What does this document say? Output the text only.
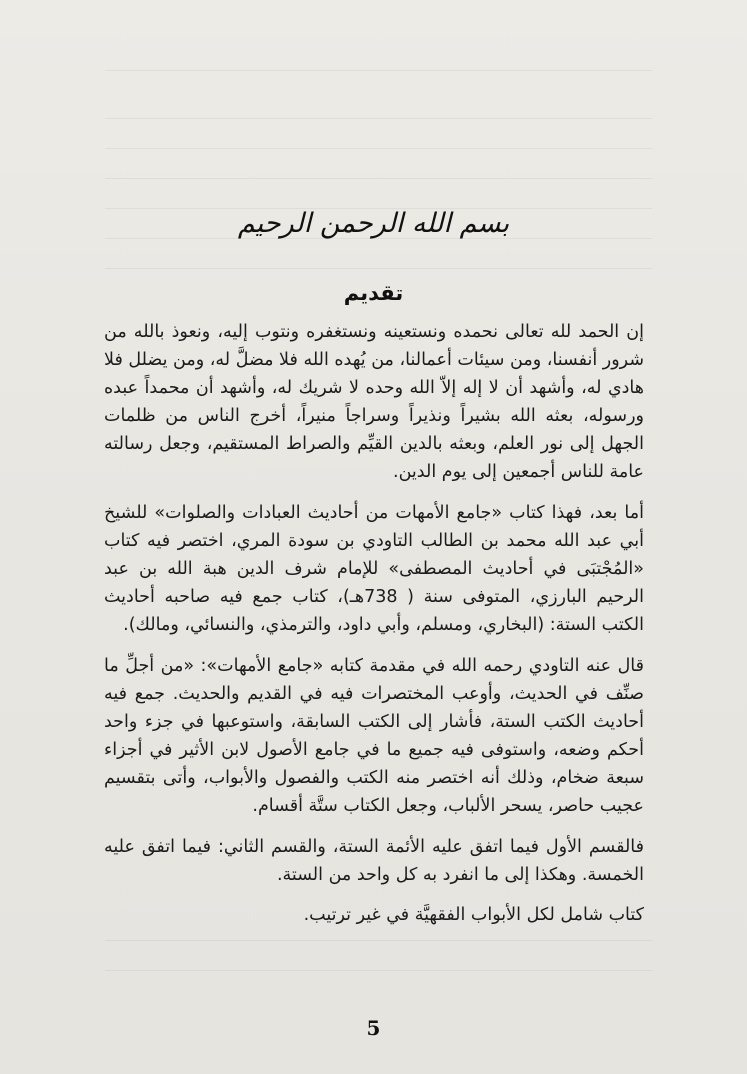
بسم الله الرحمن الرحيم
تقديم

إن الحمد لله تعالى نحمده ونستعينه ونستغفره ونتوب إليه، ونعوذ بالله من شرور أنفسنا، ومن سيئات أعمالنا، من يُهده الله فلا مضلَّ له، ومن يضلل فلا هادي له، وأشهد أن لا إله إلاّ الله وحده لا شريك له، وأشهد أن محمداً عبده ورسوله، بعثه الله بشيراً ونذيراً وسراجاً منيراً، أخرج الناس من ظلمات الجهل إلى نور العلم، وبعثه بالدين القيِّم والصراط المستقيم، وجعل رسالته عامة للناس أجمعين إلى يوم الدين.

أما بعد، فهذا كتاب «جامع الأمهات من أحاديث العبادات والصلوات» للشيخ أبي عبد الله محمد بن الطالب التاودي بن سودة المري، اختصر فيه كتاب «المُجْتبَى في أحاديث المصطفى» للإمام شرف الدين هبة الله بن عبد الرحيم البارزي، المتوفى سنة ( 738هـ)، كتاب جمع فيه صاحبه أحاديث الكتب الستة: (البخاري، ومسلم، وأبي داود، والترمذي، والنسائي، ومالك).

قال عنه التاودي رحمه الله في مقدمة كتابه «جامع الأمهات»: «من أجلِّ ما صنِّف في الحديث، وأوعب المختصرات فيه في القديم والحديث. جمع فيه أحاديث الكتب الستة، فأشار إلى الكتب السابقة، واستوعبها في جزء واحد أحكم وضعه، واستوفى فيه جميع ما في جامع الأصول لابن الأثير في أجزاء سبعة ضخام، وذلك أنه اختصر منه الكتب والفصول والأبواب، وأتى بتقسيم عجيب حاصر، يسحر الألباب، وجعل الكتاب ستَّة أقسام.

فالقسم الأول فيما اتفق عليه الأئمة الستة، والقسم الثاني: فيما اتفق عليه الخمسة. وهكذا إلى ما انفرد به كل واحد من الستة.

كتاب شامل لكل الأبواب الفقهيَّة في غير ترتيب.

5
